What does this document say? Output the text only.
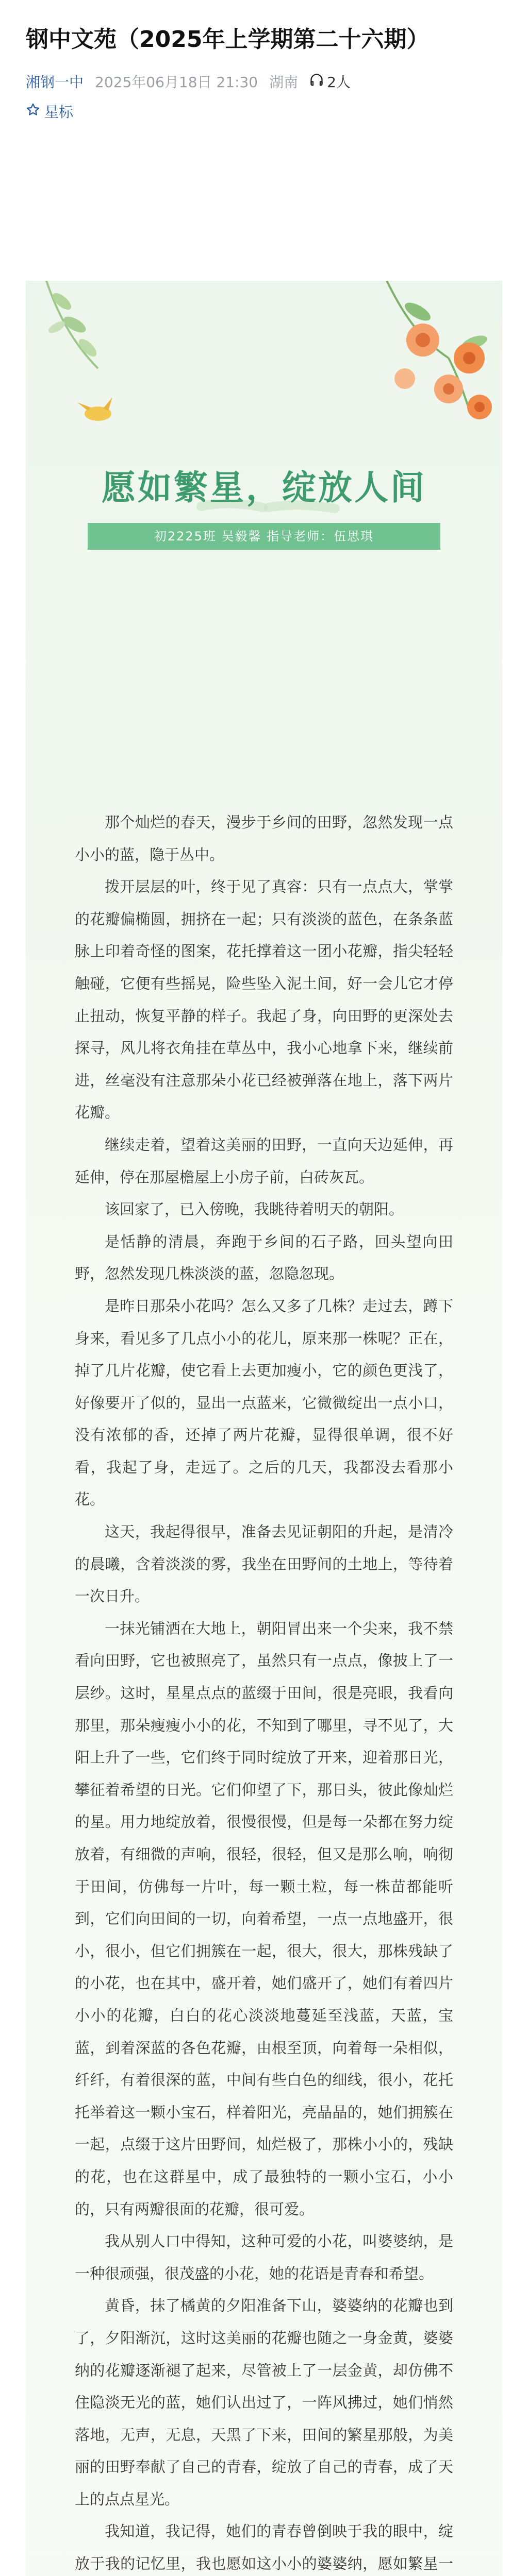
钢中文苑（2025年上学期第二十六期）
湘钢一中 2025年06月18日 21:30 湖南 2人
星标
愿如繁星，绽放人间
初2225班 吴毅馨 指导老师：伍思琪

那个灿烂的春天，漫步于乡间的田野，忽然发现一点小小的蓝，隐于丛中。

拨开层层的叶，终于见了真容：只有一点点大，掌掌的花瓣偏椭圆，拥挤在一起；只有淡淡的蓝色，在条条蓝脉上印着奇怪的图案，花托撑着这一团小花瓣，指尖轻轻触碰，它便有些摇晃，险些坠入泥土间，好一会儿它才停止扭动，恢复平静的样子。我起了身，向田野的更深处去探寻，风儿将衣角挂在草丛中，我小心地拿下来，继续前进，丝毫没有注意那朵小花已经被弹落在地上，落下两片花瓣。

继续走着，望着这美丽的田野，一直向天边延伸，再延伸，停在那屋檐屋上小房子前，白砖灰瓦。

该回家了，已入傍晚，我眺待着明天的朝阳。

是恬静的清晨，奔跑于乡间的石子路，回头望向田野，忽然发现几株淡淡的蓝，忽隐忽现。

是昨日那朵小花吗？怎么又多了几株？走过去，蹲下身来，看见多了几点小小的花儿，原来那一株呢？正在，掉了几片花瓣，使它看上去更加瘦小，它的颜色更浅了，好像要开了似的，显出一点蓝来，它微微绽出一点小口，没有浓郁的香，还掉了两片花瓣，显得很单调，很不好看，我起了身，走远了。之后的几天，我都没去看那小花。

这天，我起得很早，准备去见证朝阳的升起，是清冷的晨曦，含着淡淡的雾，我坐在田野间的土地上，等待着一次日升。

一抹光铺洒在大地上，朝阳冒出来一个尖来，我不禁看向田野，它也被照亮了，虽然只有一点点，像披上了一层纱。这时，星星点点的蓝缀于田间，很是亮眼，我看向那里，那朵瘦瘦小小的花，不知到了哪里，寻不见了，大阳上升了一些，它们终于同时绽放了开来，迎着那日光，攀征着希望的日光。它们仰望了下，那日头，彼此像灿烂的星。用力地绽放着，很慢很慢，但是每一朵都在努力绽放着，有细微的声响，很轻，很轻，但又是那么响，响彻于田间，仿佛每一片叶，每一颗土粒，每一株苗都能听到，它们向田间的一切，向着希望，一点一点地盛开，很小，很小，但它们拥簇在一起，很大，很大，那株残缺了的小花，也在其中，盛开着，她们盛开了，她们有着四片小小的花瓣，白白的花心淡淡地蔓延至浅蓝，天蓝，宝蓝，到着深蓝的各色花瓣，由根至顶，向着每一朵相似，纤纤，有着很深的蓝，中间有些白色的细线，很小，花托托举着这一颗小宝石，样着阳光，亮晶晶的，她们拥簇在一起，点缀于这片田野间，灿烂极了，那株小小的，残缺的花，也在这群星中，成了最独特的一颗小宝石，小小的，只有两瓣很面的花瓣，很可爱。

我从别人口中得知，这种可爱的小花，叫婆婆纳，是一种很顽强，很茂盛的小花，她的花语是青春和希望。

黄昏，抹了橘黄的夕阳准备下山，婆婆纳的花瓣也到了，夕阳渐沉，这时这美丽的花瓣也随之一身金黄，婆婆纳的花瓣逐渐褪了起来，尽管被上了一层金黄，却仿佛不住隐淡无光的蓝，她们认出过了，一阵风拂过，她们悄然落地，无声，无息，天黑了下来，田间的繁星那般，为美丽的田野奉献了自己的青春，绽放了自己的青春，成了天上的点点星光。

我知道，我记得，她们的青春曾倒映于我的眼中，绽放于我的记忆里，我也愿如这小小的婆婆纳，愿如繁星一
